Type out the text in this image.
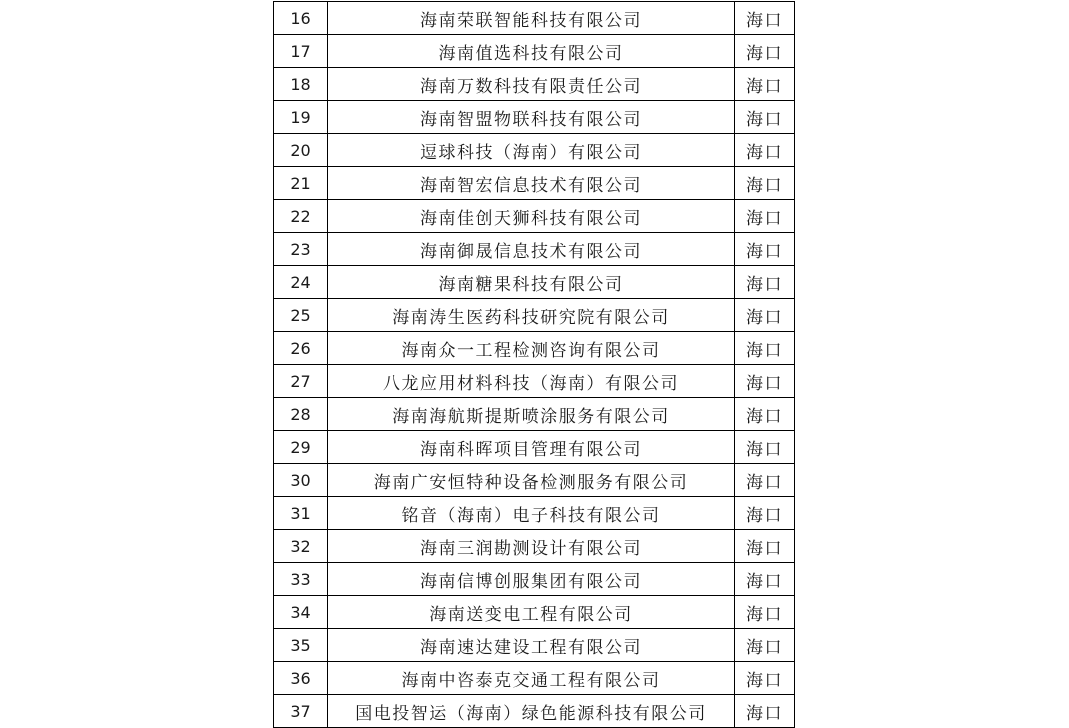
16	海南荣联智能科技有限公司	海口
17	海南值选科技有限公司	海口
18	海南万数科技有限责任公司	海口
19	海南智盟物联科技有限公司	海口
20	逗球科技（海南）有限公司	海口
21	海南智宏信息技术有限公司	海口
22	海南佳创天狮科技有限公司	海口
23	海南御晟信息技术有限公司	海口
24	海南糖果科技有限公司	海口
25	海南涛生医药科技研究院有限公司	海口
26	海南众一工程检测咨询有限公司	海口
27	八龙应用材料科技（海南）有限公司	海口
28	海南海航斯提斯喷涂服务有限公司	海口
29	海南科晖项目管理有限公司	海口
30	海南广安恒特种设备检测服务有限公司	海口
31	铭音（海南）电子科技有限公司	海口
32	海南三润勘测设计有限公司	海口
33	海南信博创服集团有限公司	海口
34	海南送变电工程有限公司	海口
35	海南速达建设工程有限公司	海口
36	海南中咨泰克交通工程有限公司	海口
37	国电投智运（海南）绿色能源科技有限公司	海口
